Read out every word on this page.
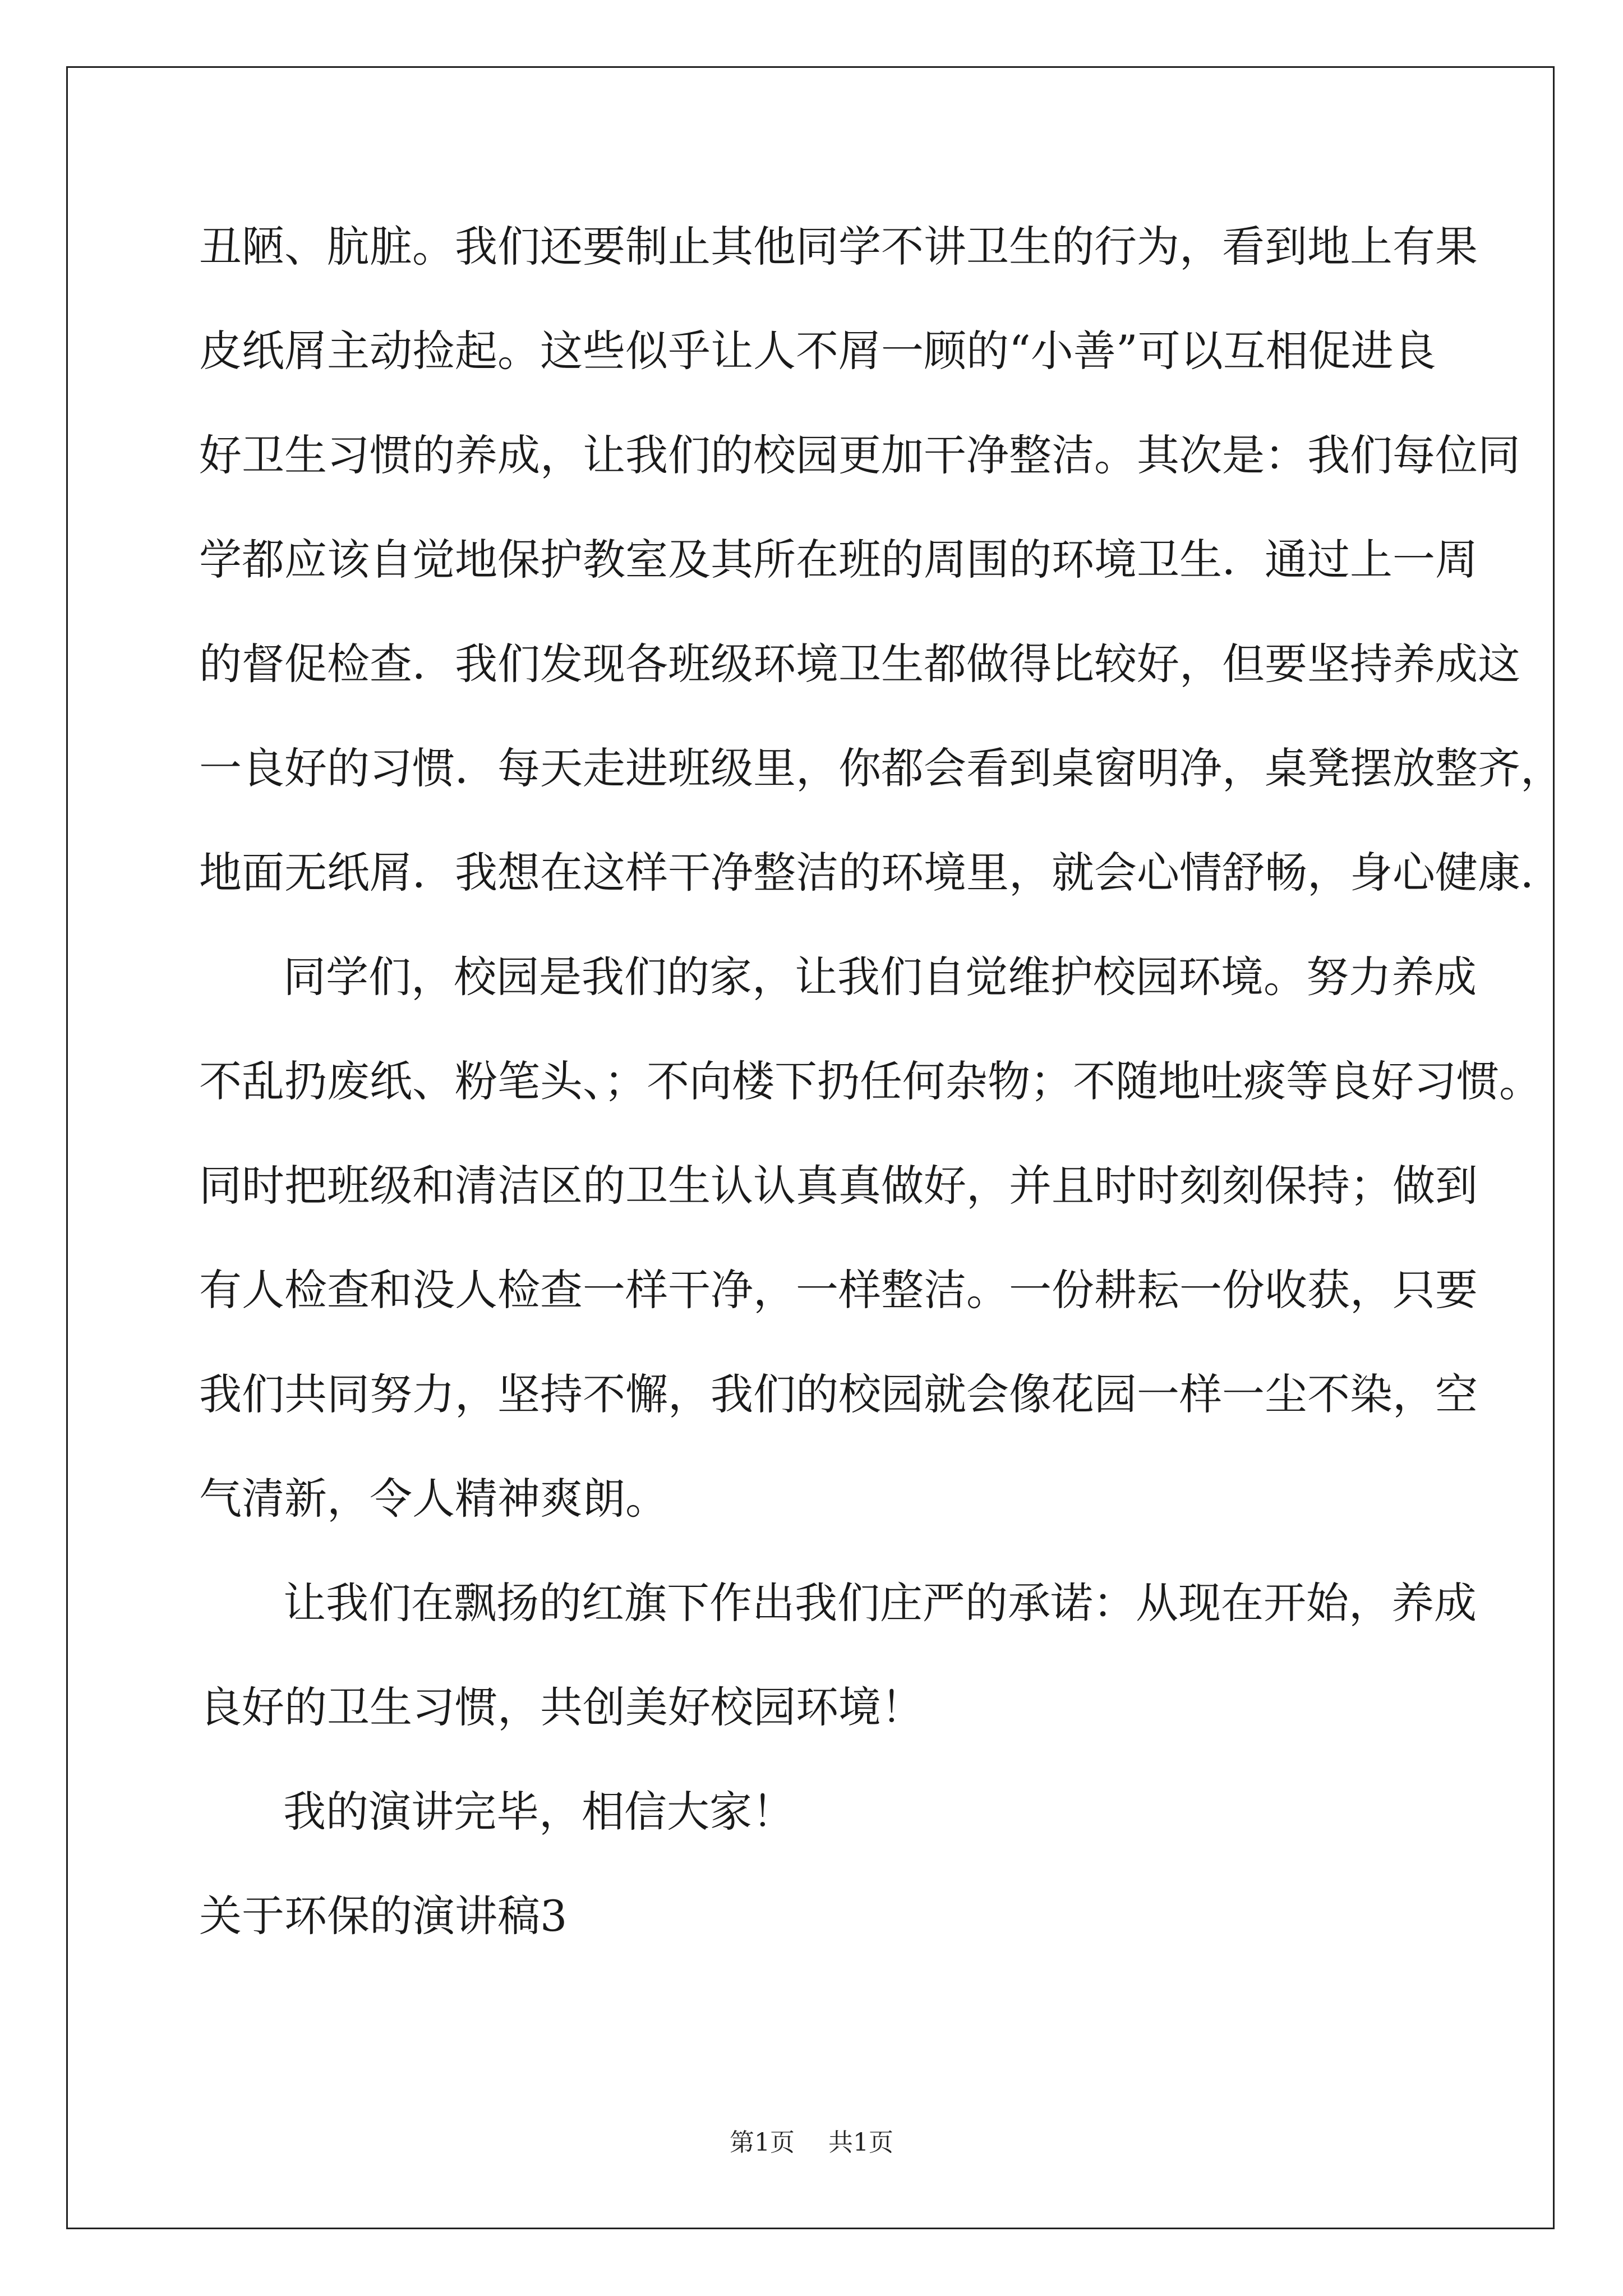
丑陋、肮脏。我们还要制止其他同学不讲卫生的行为，看到地上有果
皮纸屑主动捡起。这些似乎让人不屑一顾的“小善”可以互相促进良
好卫生习惯的养成，让我们的校园更加干净整洁。其次是：我们每位同
学都应该自觉地保护教室及其所在班的周围的环境卫生．通过上一周
的督促检查．我们发现各班级环境卫生都做得比较好，但要坚持养成这
一良好的习惯．每天走进班级里，你都会看到桌窗明净，桌凳摆放整齐，
地面无纸屑．我想在这样干净整洁的环境里，就会心情舒畅，身心健康．
同学们，校园是我们的家，让我们自觉维护校园环境。努力养成
不乱扔废纸、粉笔头、；不向楼下扔任何杂物；不随地吐痰等良好习惯。
同时把班级和清洁区的卫生认认真真做好，并且时时刻刻保持；做到
有人检查和没人检查一样干净，一样整洁。一份耕耘一份收获，只要
我们共同努力，坚持不懈，我们的校园就会像花园一样一尘不染，空
气清新，令人精神爽朗。
让我们在飘扬的红旗下作出我们庄严的承诺：从现在开始，养成
良好的卫生习惯，共创美好校园环境！
我的演讲完毕，相信大家！
关于环保的演讲稿3
第1页 共1页
